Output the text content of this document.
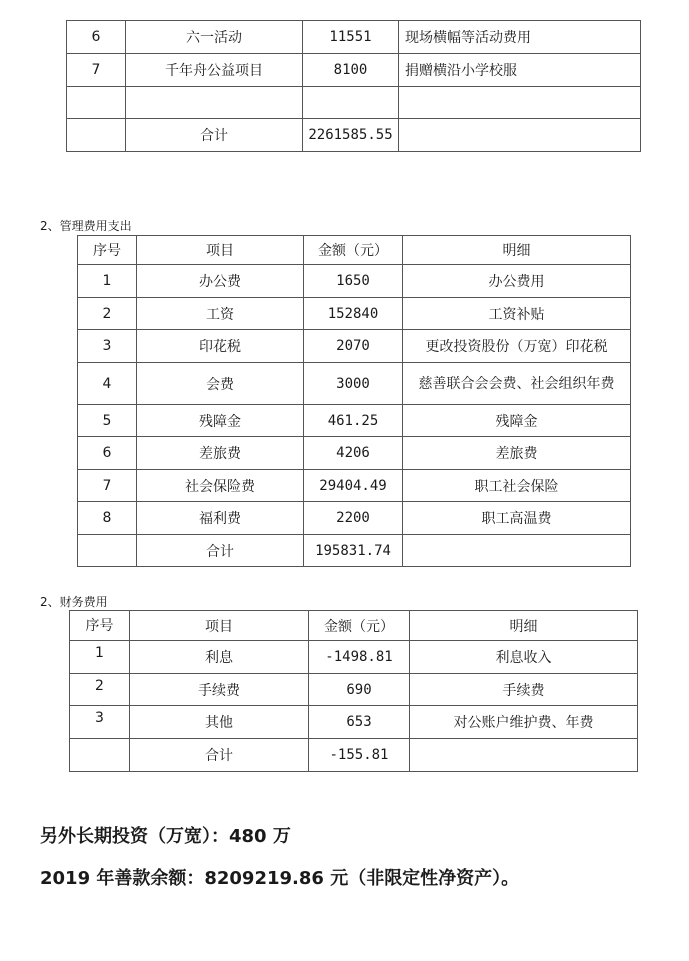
6	六一活动	11551	现场横幅等活动费用
7	千年舟公益项目	8100	捐赠横沿小学校服

	合计	2261585.55	
2、管理费用支出
序号	项目	金额（元）	明细
1	办公费	1650	办公费用
2	工资	152840	工资补贴
3	印花税	2070	更改投资股份（万宽）印花税
4	会费	3000	慈善联合会会费、社会组织年费
5	残障金	461.25	残障金
6	差旅费	4206	差旅费
7	社会保险费	29404.49	职工社会保险
8	福利费	2200	职工高温费
	合计	195831.74	
2、财务费用
序号	项目	金额（元）	明细
1	利息	-1498.81	利息收入
2	手续费	690	手续费
3	其他	653	对公账户维护费、年费
	合计	-155.81	
另外长期投资（万宽）：480 万
2019 年善款余额：8209219.86 元（非限定性净资产）。
